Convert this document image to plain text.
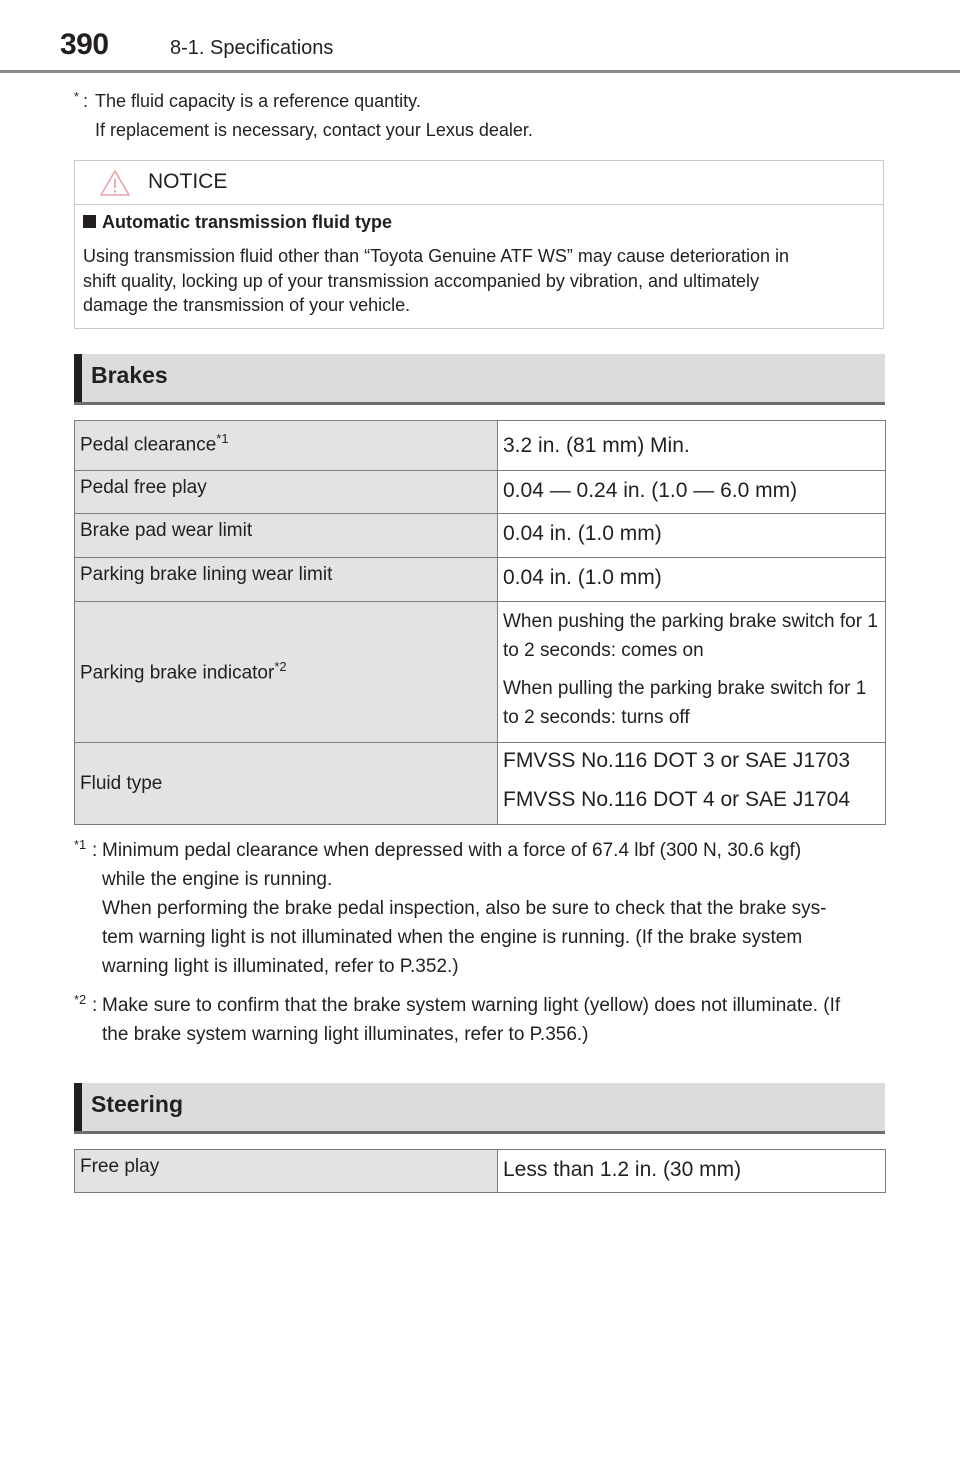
390	8-1. Specifications
* : The fluid capacity is a reference quantity.
If replacement is necessary, contact your Lexus dealer.
NOTICE
Automatic transmission fluid type
Using transmission fluid other than “Toyota Genuine ATF WS” may cause deterioration in
shift quality, locking up of your transmission accompanied by vibration, and ultimately
damage the transmission of your vehicle.
Brakes
Pedal clearance$^{*1}$	3.2 in. (81 mm) Min.

Pedal free play	0.04 — 0.24 in. (1.0 — 6.0 mm)

Brake pad wear limit	0.04 in. (1.0 mm)

Parking brake lining wear limit	0.04 in. (1.0 mm)

Parking brake indicator$^{*2}$	When pushing the parking brake switch for 1 to 2 seconds: comes on

When pulling the parking brake switch for 1 to 2 seconds: turns off

Fluid type	FMVSS No.116 DOT 3 or SAE J1703

FMVSS No.116 DOT 4 or SAE J1704

*1 : Minimum pedal clearance when depressed with a force of 67.4 lbf (300 N, 30.6 kgf)
while the engine is running.
When performing the brake pedal inspection, also be sure to check that the brake sys-
tem warning light is not illuminated when the engine is running. (If the brake system
warning light is illuminated, refer to P.352.)
*2 : Make sure to confirm that the brake system warning light (yellow) does not illuminate. (If
the brake system warning light illuminates, refer to P.356.)
Steering
Free play	Less than 1.2 in. (30 mm)
